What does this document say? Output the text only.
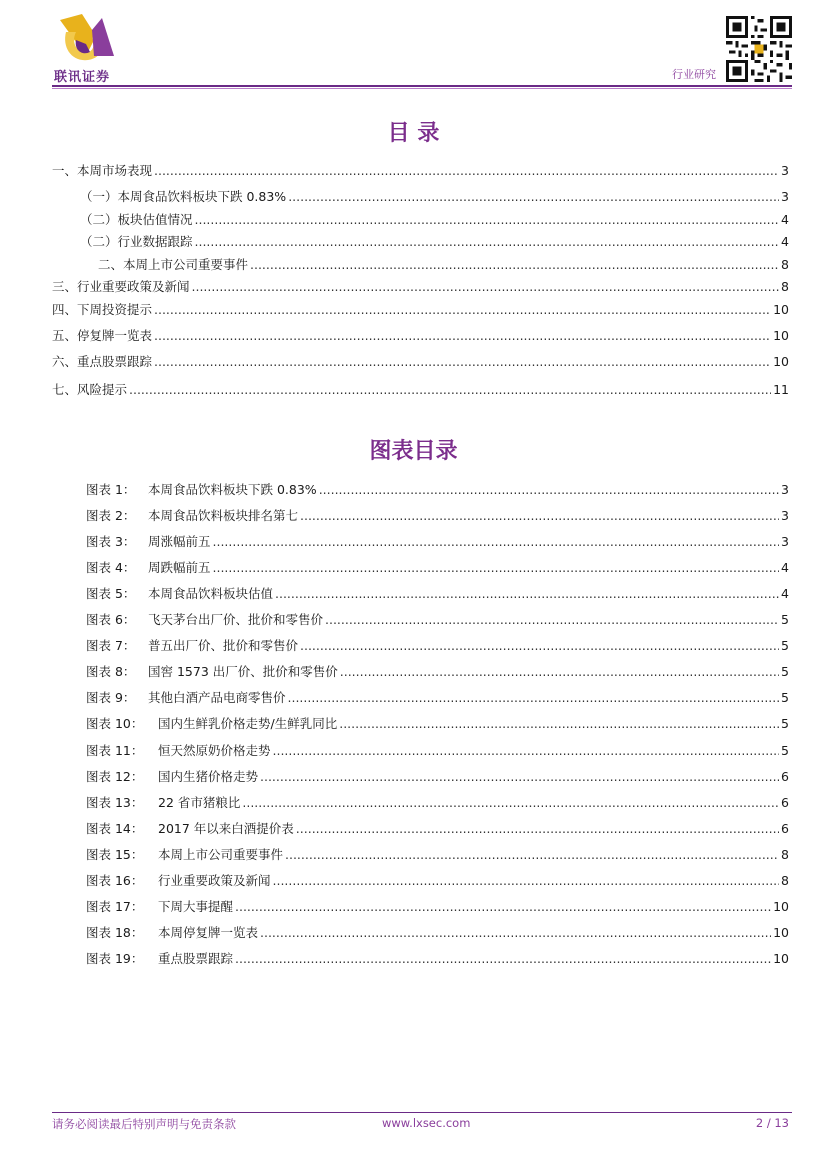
联讯证券	行业研究
目 录
一、本周市场表现 .....	3
（一）本周食品饮料板块下跌 0.83% .....	3
（二）板块估值情况 .....	4
（二）行业数据跟踪 .....	4
二、本周上市公司重要事件 .....	8
三、行业重要政策及新闻 .....	8
四、下周投资提示 .....	10
五、停复牌一览表 .....	10
六、重点股票跟踪 .....	10
七、风险提示 .....	11
图表目录
图表 1：	本周食品饮料板块下跌 0.83% .....	3
图表 2：	本周食品饮料板块排名第七 .....	3
图表 3：	周涨幅前五 .....	3
图表 4：	周跌幅前五 .....	4
图表 5：	本周食品饮料板块估值 .....	4
图表 6：	飞天茅台出厂价、批价和零售价 .....	5
图表 7：	普五出厂价、批价和零售价 .....	5
图表 8：	国窖 1573 出厂价、批价和零售价 .....	5
图表 9：	其他白酒产品电商零售价 .....	5
图表 10：	国内生鲜乳价格走势/生鲜乳同比 .....	5
图表 11：	恒天然原奶价格走势 .....	5
图表 12：	国内生猪价格走势 .....	6
图表 13：	22 省市猪粮比 .....	6
图表 14：	2017 年以来白酒提价表 .....	6
图表 15：	本周上市公司重要事件 .....	8
图表 16：	行业重要政策及新闻 .....	8
图表 17：	下周大事提醒 .....	10
图表 18：	本周停复牌一览表 .....	10
图表 19：	重点股票跟踪 .....	10
请务必阅读最后特别声明与免责条款	www.lxsec.com	2 / 13
